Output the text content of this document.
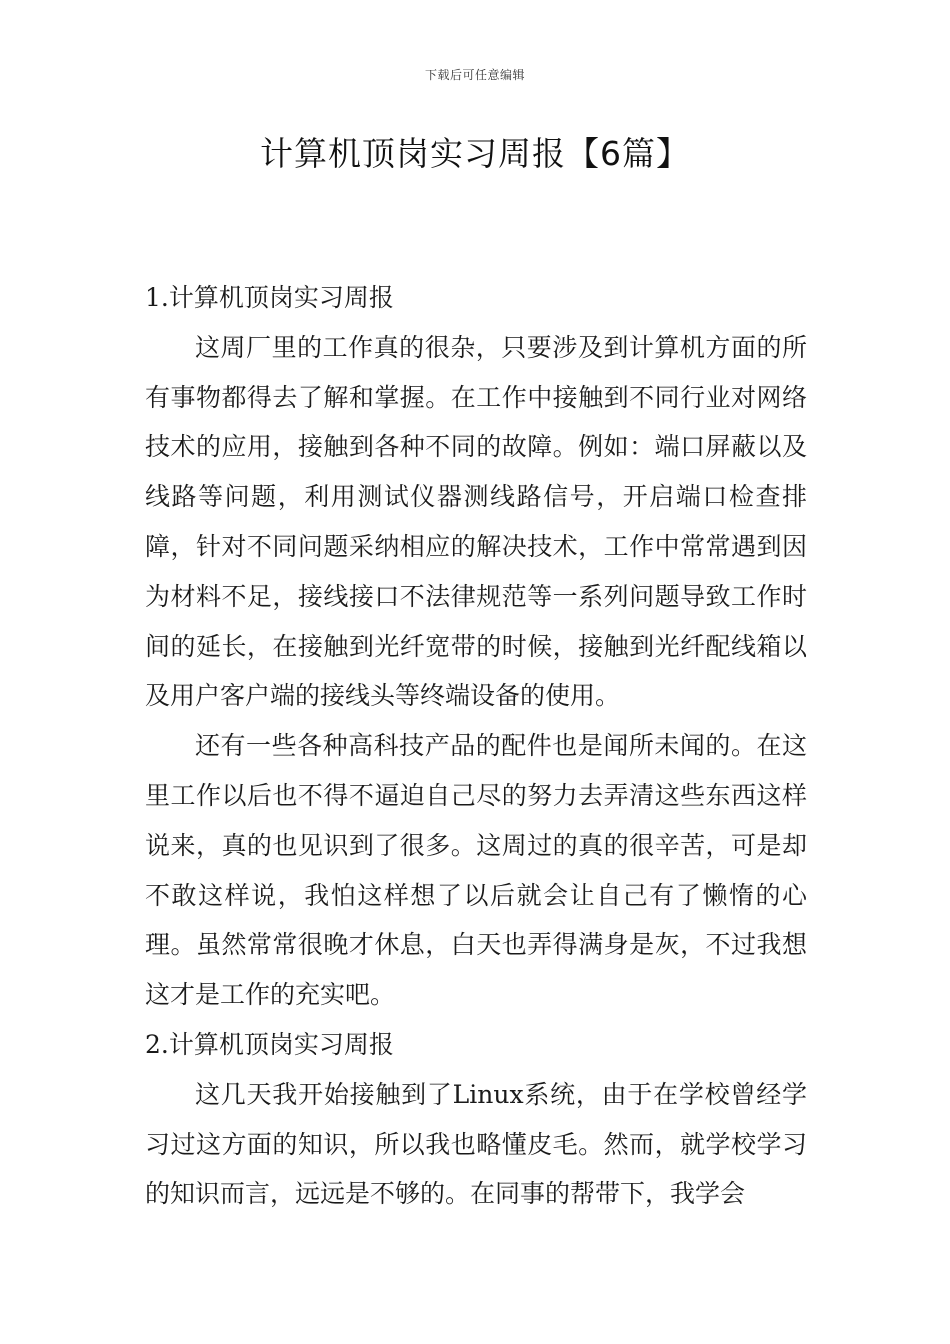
下载后可任意编辑
计算机顶岗实习周报【6篇】
1.计算机顶岗实习周报

这周厂里的工作真的很杂，只要涉及到计算机方面的所有事物都得去了解和掌握。在工作中接触到不同行业对网络技术的应用，接触到各种不同的故障。例如：端口屏蔽以及线路等问题，利用测试仪器测线路信号，开启端口检查排障，针对不同问题采纳相应的解决技术，工作中常常遇到因为材料不足，接线接口不法律规范等一系列问题导致工作时间的延长，在接触到光纤宽带的时候，接触到光纤配线箱以及用户客户端的接线头等终端设备的使用。

还有一些各种高科技产品的配件也是闻所未闻的。在这里工作以后也不得不逼迫自己尽的努力去弄清这些东西这样说来，真的也见识到了很多。这周过的真的很辛苦，可是却不敢这样说，我怕这样想了以后就会让自己有了懒惰的心理。虽然常常很晚才休息，白天也弄得满身是灰，不过我想这才是工作的充实吧。

2.计算机顶岗实习周报

这几天我开始接触到了Linux系统，由于在学校曾经学习过这方面的知识，所以我也略懂皮毛。然而，就学校学习的知识而言，远远是不够的。在同事的帮带下，我学会
